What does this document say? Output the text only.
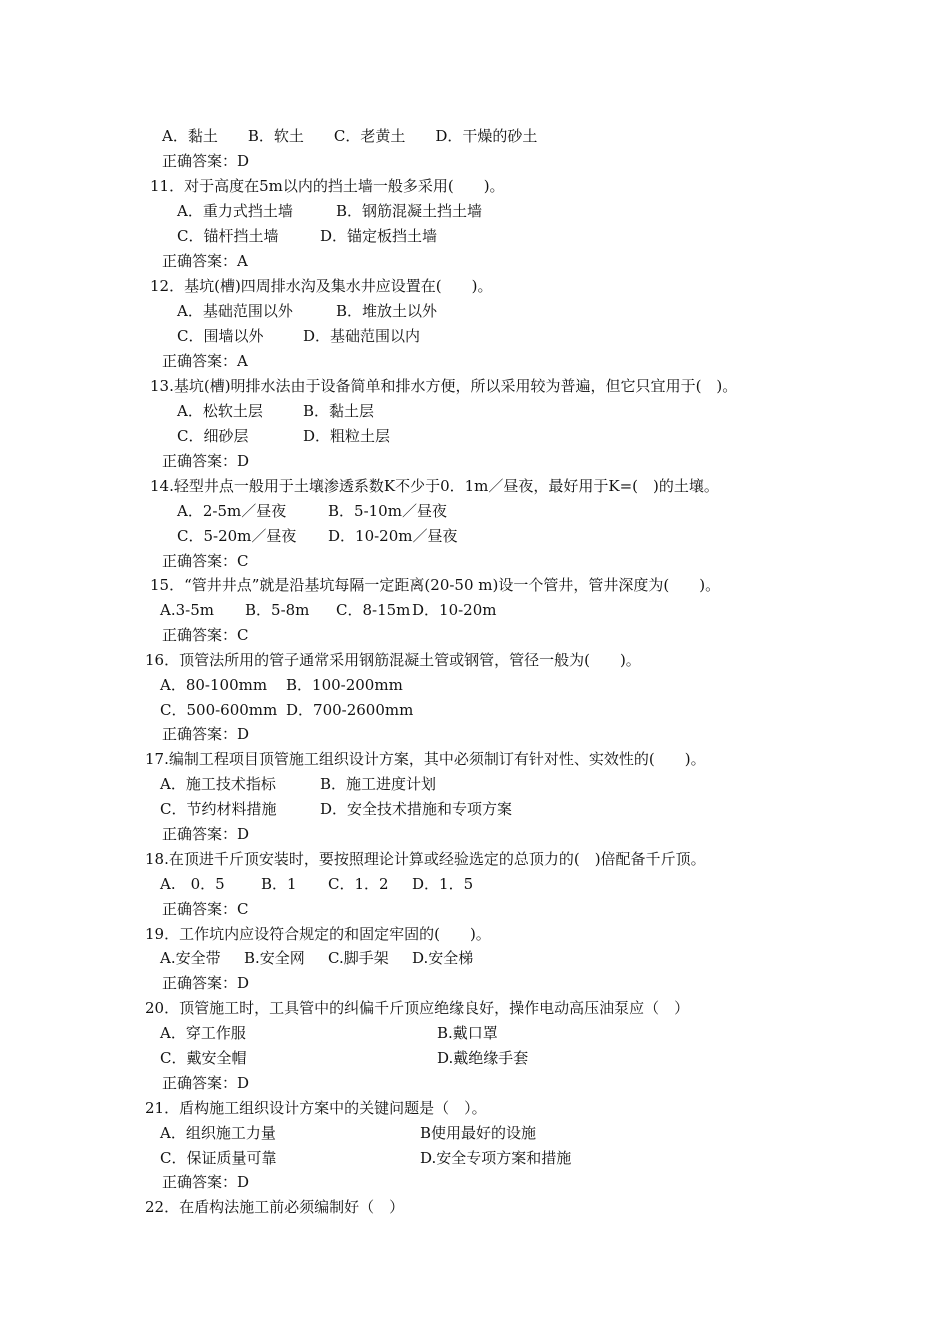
A．黏土　　B．软土　　C．老黄土　　D．干燥的砂土
正确答案：D
11．对于高度在5m以内的挡土墙一般多采用(　　)。
A．重力式挡土墙	B．钢筋混凝土挡土墙
C．锚杆挡土墙	D．锚定板挡土墙
正确答案：A
12．基坑(槽)四周排水沟及集水井应设置在(　　)。
A．基础范围以外	B．堆放土以外
C．围墙以外	D．基础范围以内
正确答案：A
13.基坑(槽)明排水法由于设备简单和排水方便，所以采用较为普遍，但它只宜用于(　)。
A．松软土层	B．黏土层
C．细砂层	D．粗粒土层
正确答案：D
14.轻型井点一般用于土壤渗透系数K不少于0．1m／昼夜，最好用于K=(　)的土壤。
A．2-5m／昼夜	B．5-10m／昼夜
C．5-20m／昼夜 D．10-20m／昼夜
正确答案：C
15．“管井井点”就是沿基坑每隔一定距离(20-50 m)设一个管井，管井深度为(　　)。
A.3-5m B．5-8m C．8-15m D．10-20m
正确答案：C
16．顶管法所用的管子通常采用钢筋混凝土管或钢管，管径一般为(　　)。
A．80-100mm B．100-200mm
C．500-600mm D．700-2600mm
正确答案：D
17.编制工程项目顶管施工组织设计方案，其中必须制订有针对性、实效性的(　　)。
A．施工技术指标	B．施工进度计划
C．节约材料措施	D．安全技术措施和专项方案
正确答案：D
18.在顶进千斤顶安装时，要按照理论计算或经验选定的总顶力的(　)倍配备千斤顶。
A.　0．5 B．1 C．1．2 D．1．5
正确答案：C
19．工作坑内应设符合规定的和固定牢固的(　　)。
A.安全带 B.安全网 C.脚手架 D.安全梯
正确答案：D
20．顶管施工时，工具管中的纠偏千斤顶应绝缘良好，操作电动高压油泵应（　）
A．穿工作服	B.戴口罩
C．戴安全帽	D.戴绝缘手套
正确答案：D
21．盾构施工组织设计方案中的关键问题是（　）。
A．组织施工力量	B使用最好的设施
C．保证质量可靠	D.安全专项方案和措施
正确答案：D
22．在盾构法施工前必须编制好（　）
